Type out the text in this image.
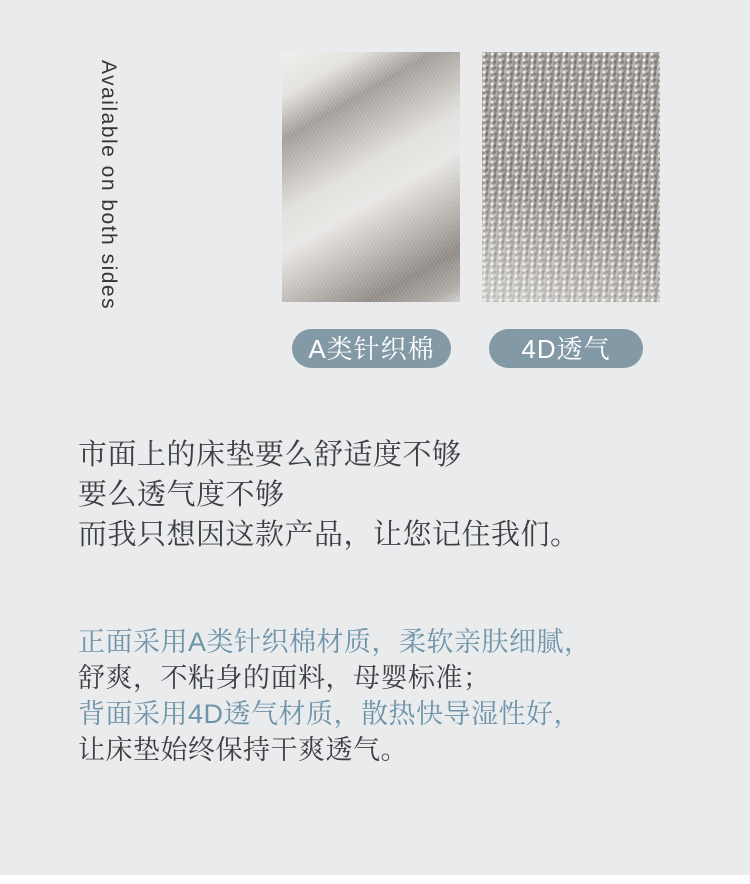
Available on both sides
A类针织棉	4D透气
市面上的床垫要么舒适度不够
要么透气度不够
而我只想因这款产品，让您记住我们。
正面采用A类针织棉材质，柔软亲肤细腻，
舒爽，不粘身的面料，母婴标准；
背面采用4D透气材质，散热快导湿性好，
让床垫始终保持干爽透气。
